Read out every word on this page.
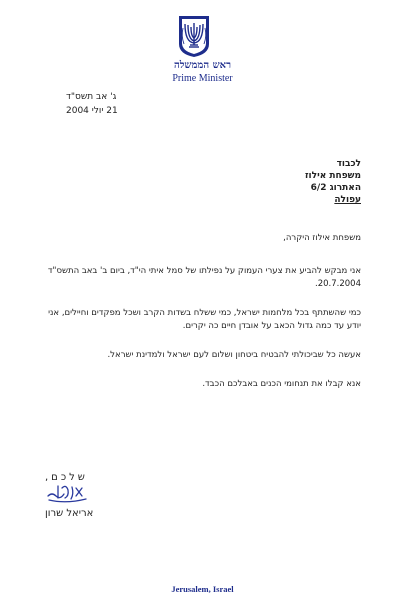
ראש הממשלה
Prime Minister
ג' אב תשס"ד
21 יולי 2004
לכבוד
משפחת אילוז
האתרוג 6/2
עפולה

משפחת אילוז היקרה,

אני מבקש להביע את צערי העמוק על נפילתו של סמל איתי הי"ד, ביום ב' באב התשס"ד 20.7.2004.

כמי שהשתתף בכל מלחמות ישראל, כמי ששלח בשדות הקרב ושכל מפקדים וחיילים, אני יודע עד כמה גדול הכאב על אובדן חיים כה יקרים.

אעשה כל שביכולתי להבטיח ביטחון ושלום לעם ישראל ולמדינת ישראל.

אנא קבלו את תנחומי הכנים באבלכם הכבד.

שלכם,
אריאל שרון
Jerusalem, Israel
